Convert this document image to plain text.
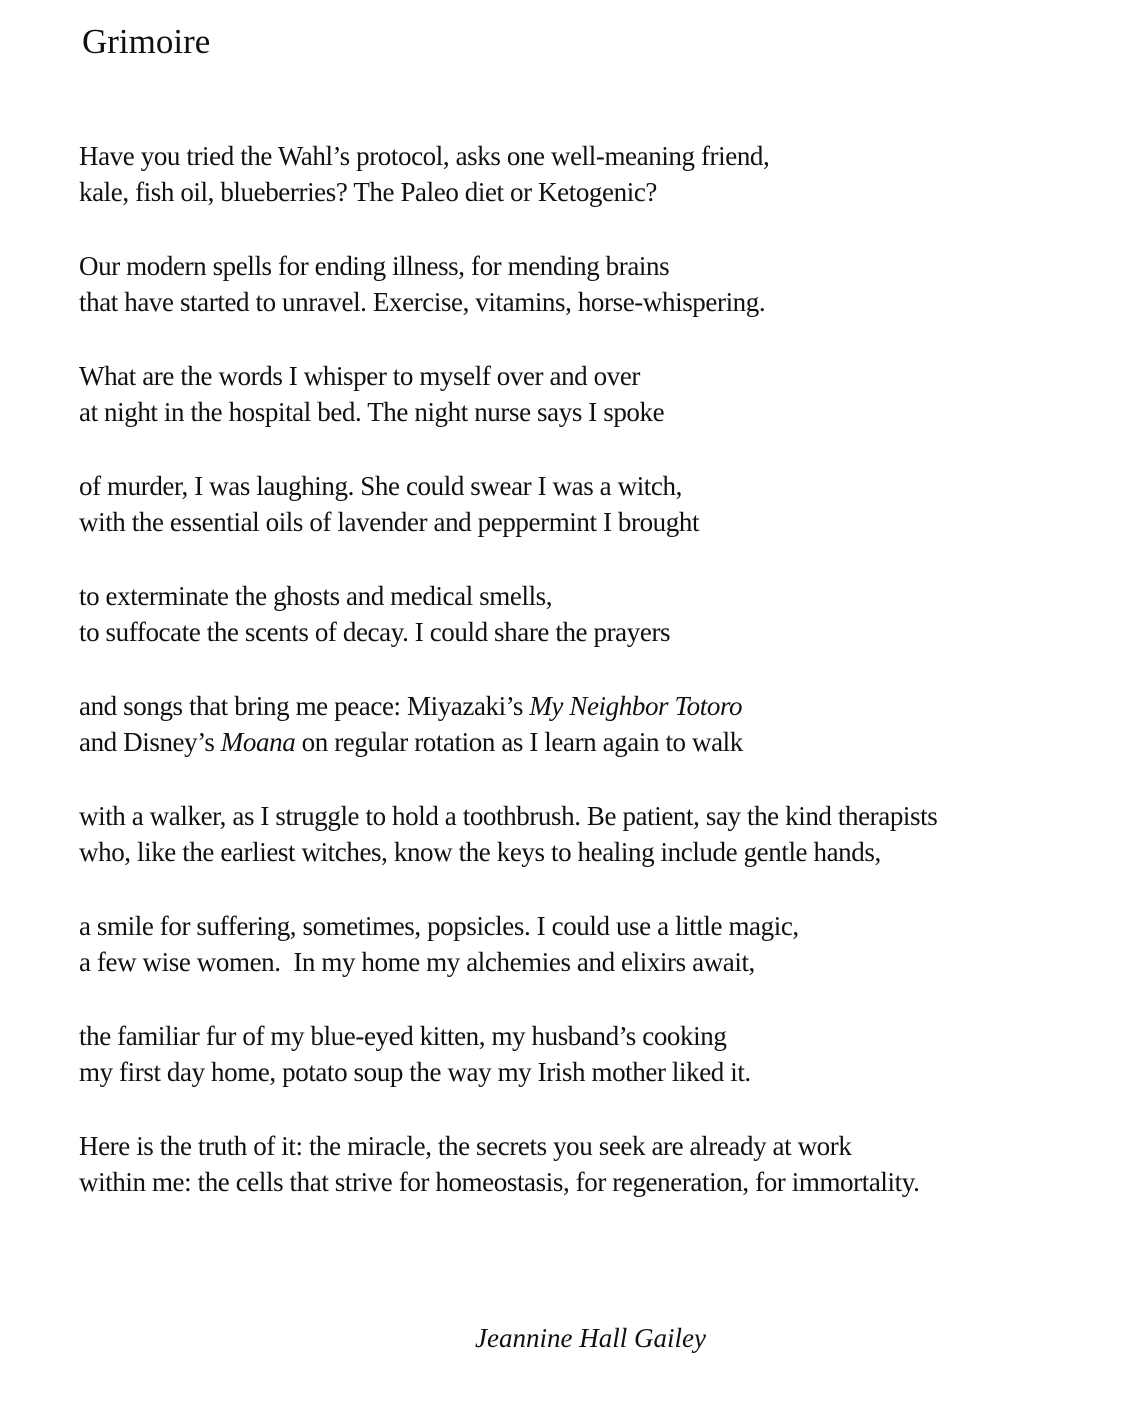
Grimoire
Have you tried the Wahl’s protocol, asks one well-meaning friend,
kale, fish oil, blueberries? The Paleo diet or Ketogenic?
Our modern spells for ending illness, for mending brains
that have started to unravel. Exercise, vitamins, horse-whispering.
What are the words I whisper to myself over and over
at night in the hospital bed. The night nurse says I spoke
of murder, I was laughing. She could swear I was a witch,
with the essential oils of lavender and peppermint I brought
to exterminate the ghosts and medical smells,
to suffocate the scents of decay. I could share the prayers
and songs that bring me peace: Miyazaki’s My Neighbor Totoro
and Disney’s Moana on regular rotation as I learn again to walk
with a walker, as I struggle to hold a toothbrush. Be patient, say the kind therapists
who, like the earliest witches, know the keys to healing include gentle hands,
a smile for suffering, sometimes, popsicles. I could use a little magic,
a few wise women.  In my home my alchemies and elixirs await,
the familiar fur of my blue-eyed kitten, my husband’s cooking
my first day home, potato soup the way my Irish mother liked it.
Here is the truth of it: the miracle, the secrets you seek are already at work
within me: the cells that strive for homeostasis, for regeneration, for immortality.
Jeannine Hall Gailey
